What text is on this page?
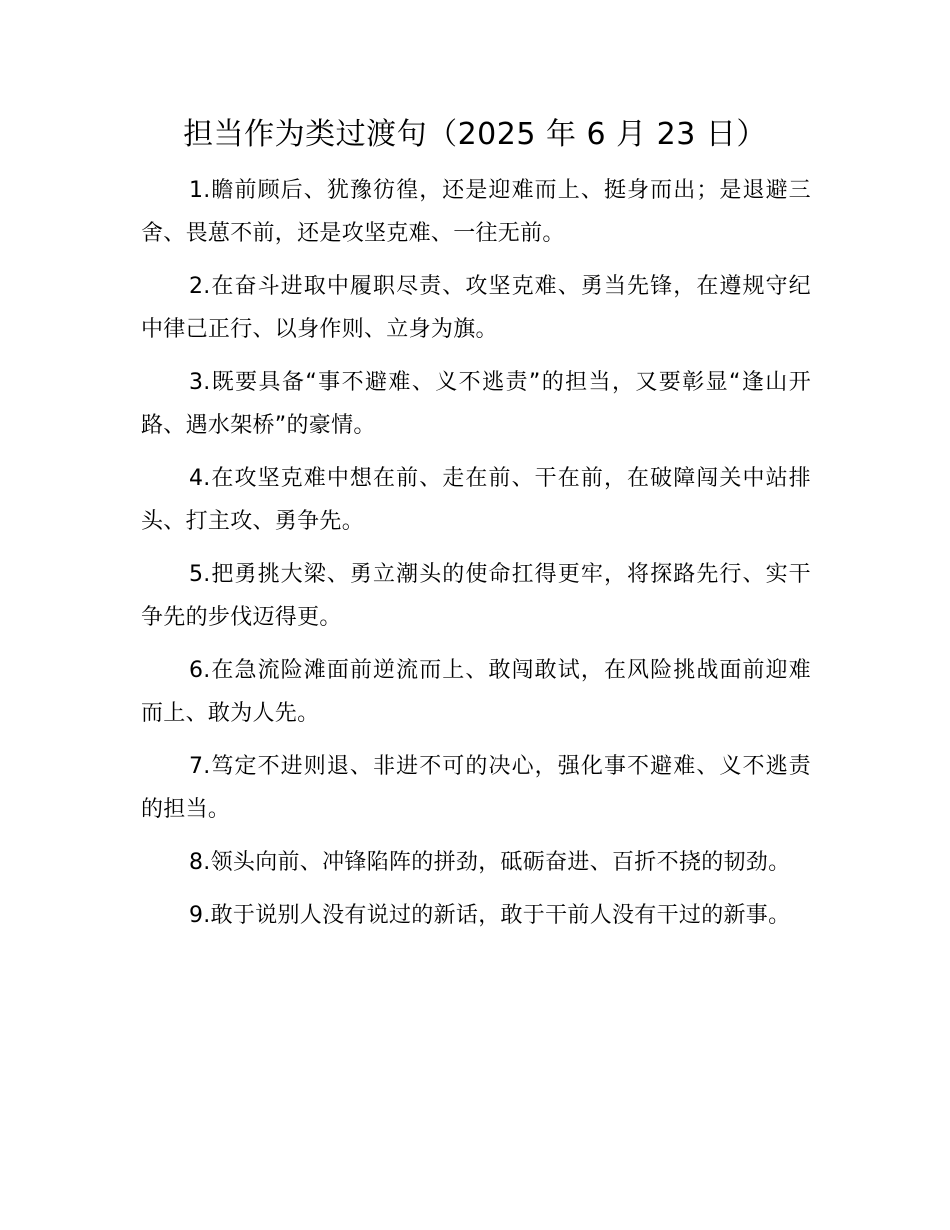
担当作为类过渡句（2025 年 6 月 23 日）

1.瞻前顾后、犹豫彷徨，还是迎难而上、挺身而出；是退避三舍、畏葸不前，还是攻坚克难、一往无前。

2.在奋斗进取中履职尽责、攻坚克难、勇当先锋，在遵规守纪中律己正行、以身作则、立身为旗。

3.既要具备“事不避难、义不逃责”的担当，又要彰显“逢山开路、遇水架桥”的豪情。

4.在攻坚克难中想在前、走在前、干在前，在破障闯关中站排头、打主攻、勇争先。

5.把勇挑大梁、勇立潮头的使命扛得更牢，将探路先行、实干争先的步伐迈得更。

6.在急流险滩面前逆流而上、敢闯敢试，在风险挑战面前迎难而上、敢为人先。

7.笃定不进则退、非进不可的决心，强化事不避难、义不逃责的担当。

8.领头向前、冲锋陷阵的拼劲，砥砺奋进、百折不挠的韧劲。

9.敢于说别人没有说过的新话，敢于干前人没有干过的新事。
